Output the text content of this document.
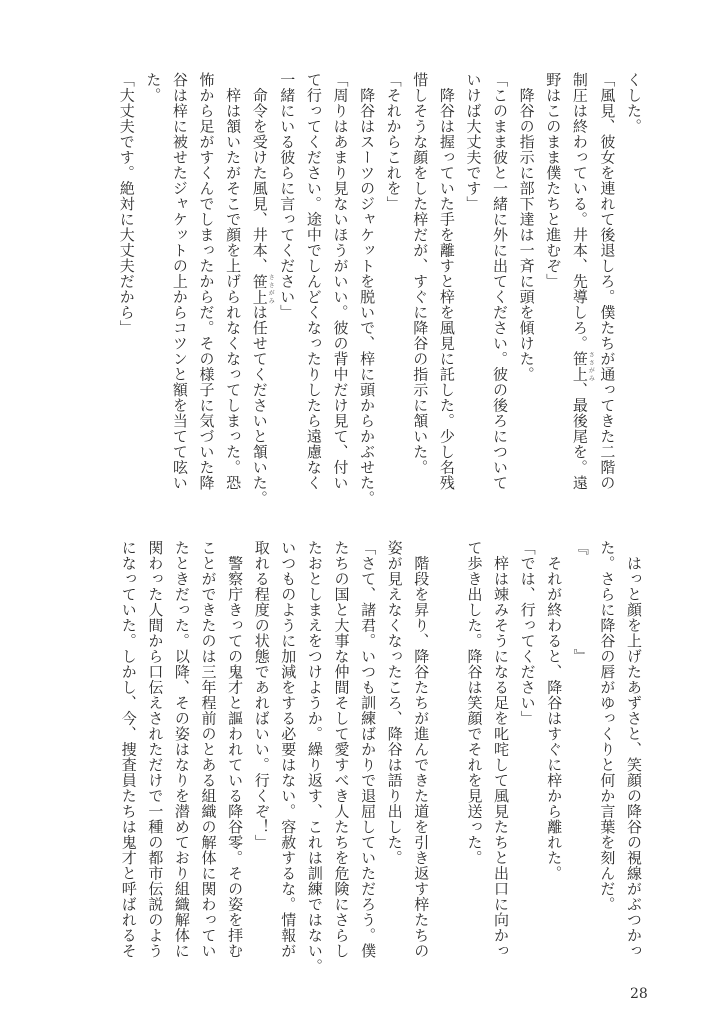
くした。
「風見、彼女を連れて後退しろ。僕たちが通ってきた二階の
制圧は終わっている。井本、先導しろ。笹上ささがみ、最後尾を。遠
野はこのまま僕たちと進むぞ」
　降谷の指示に部下達は一斉に頭を傾けた。
「このまま彼と一緒に外に出てください。彼の後ろについて
いけば大丈夫です」
　降谷は握っていた手を離すと梓を風見に託した。少し名残
惜しそうな顔をした梓だが、すぐに降谷の指示に頷いた。
「それからこれを」
　降谷はスーツのジャケットを脱いで、梓に頭からかぶせた。
「周りはあまり見ないほうがいい。彼の背中だけ見て、付い
て行ってください。途中でしんどくなったりしたら遠慮なく
一緒にいる彼らに言ってください」
　命令を受けた風見、井本、笹上ささがみは任せてくださいと頷いた。
　梓は頷いたがそこで顔を上げられなくなってしまった。恐
怖から足がすくんでしまったからだ。その様子に気づいた降
谷は梓に被せたジャケットの上からコツンと額を当てて呟い
た。
「大丈夫です。絶対に大丈夫だから」
　はっと顔を上げたあずさと、笑顔の降谷の視線がぶつかっ
た。さらに降谷の唇がゆっくりと何か言葉を刻んだ。
『　　　　　　』
　それが終わると、降谷はすぐに梓から離れた。
「では、行ってください」
　梓は竦みそうになる足を叱咤して風見たちと出口に向かっ
て歩き出した。降谷は笑顔でそれを見送った。

　階段を昇り、降谷たちが進んできた道を引き返す梓たちの
姿が見えなくなったころ、降谷は語り出した。
「さて、諸君。いつも訓練ばかりで退屈していただろう。僕
たちの国と大事な仲間そして愛すべき人たちを危険にさらし
たおとしまえをつけようか。繰り返す、これは訓練ではない。
いつものように加減をする必要はない。容赦するな。情報が
取れる程度の状態であればいい。行くぞ！」
　警察庁きっての鬼才と謳われている降谷零。その姿を拝む
ことができたのは三年程前のとある組織の解体に関わってい
たときだった。以降、その姿はなりを潜めており組織解体に
関わった人間から口伝えされただけで一種の都市伝説のよう
になっていた。しかし、今、捜査員たちは鬼才と呼ばれるそ
28
